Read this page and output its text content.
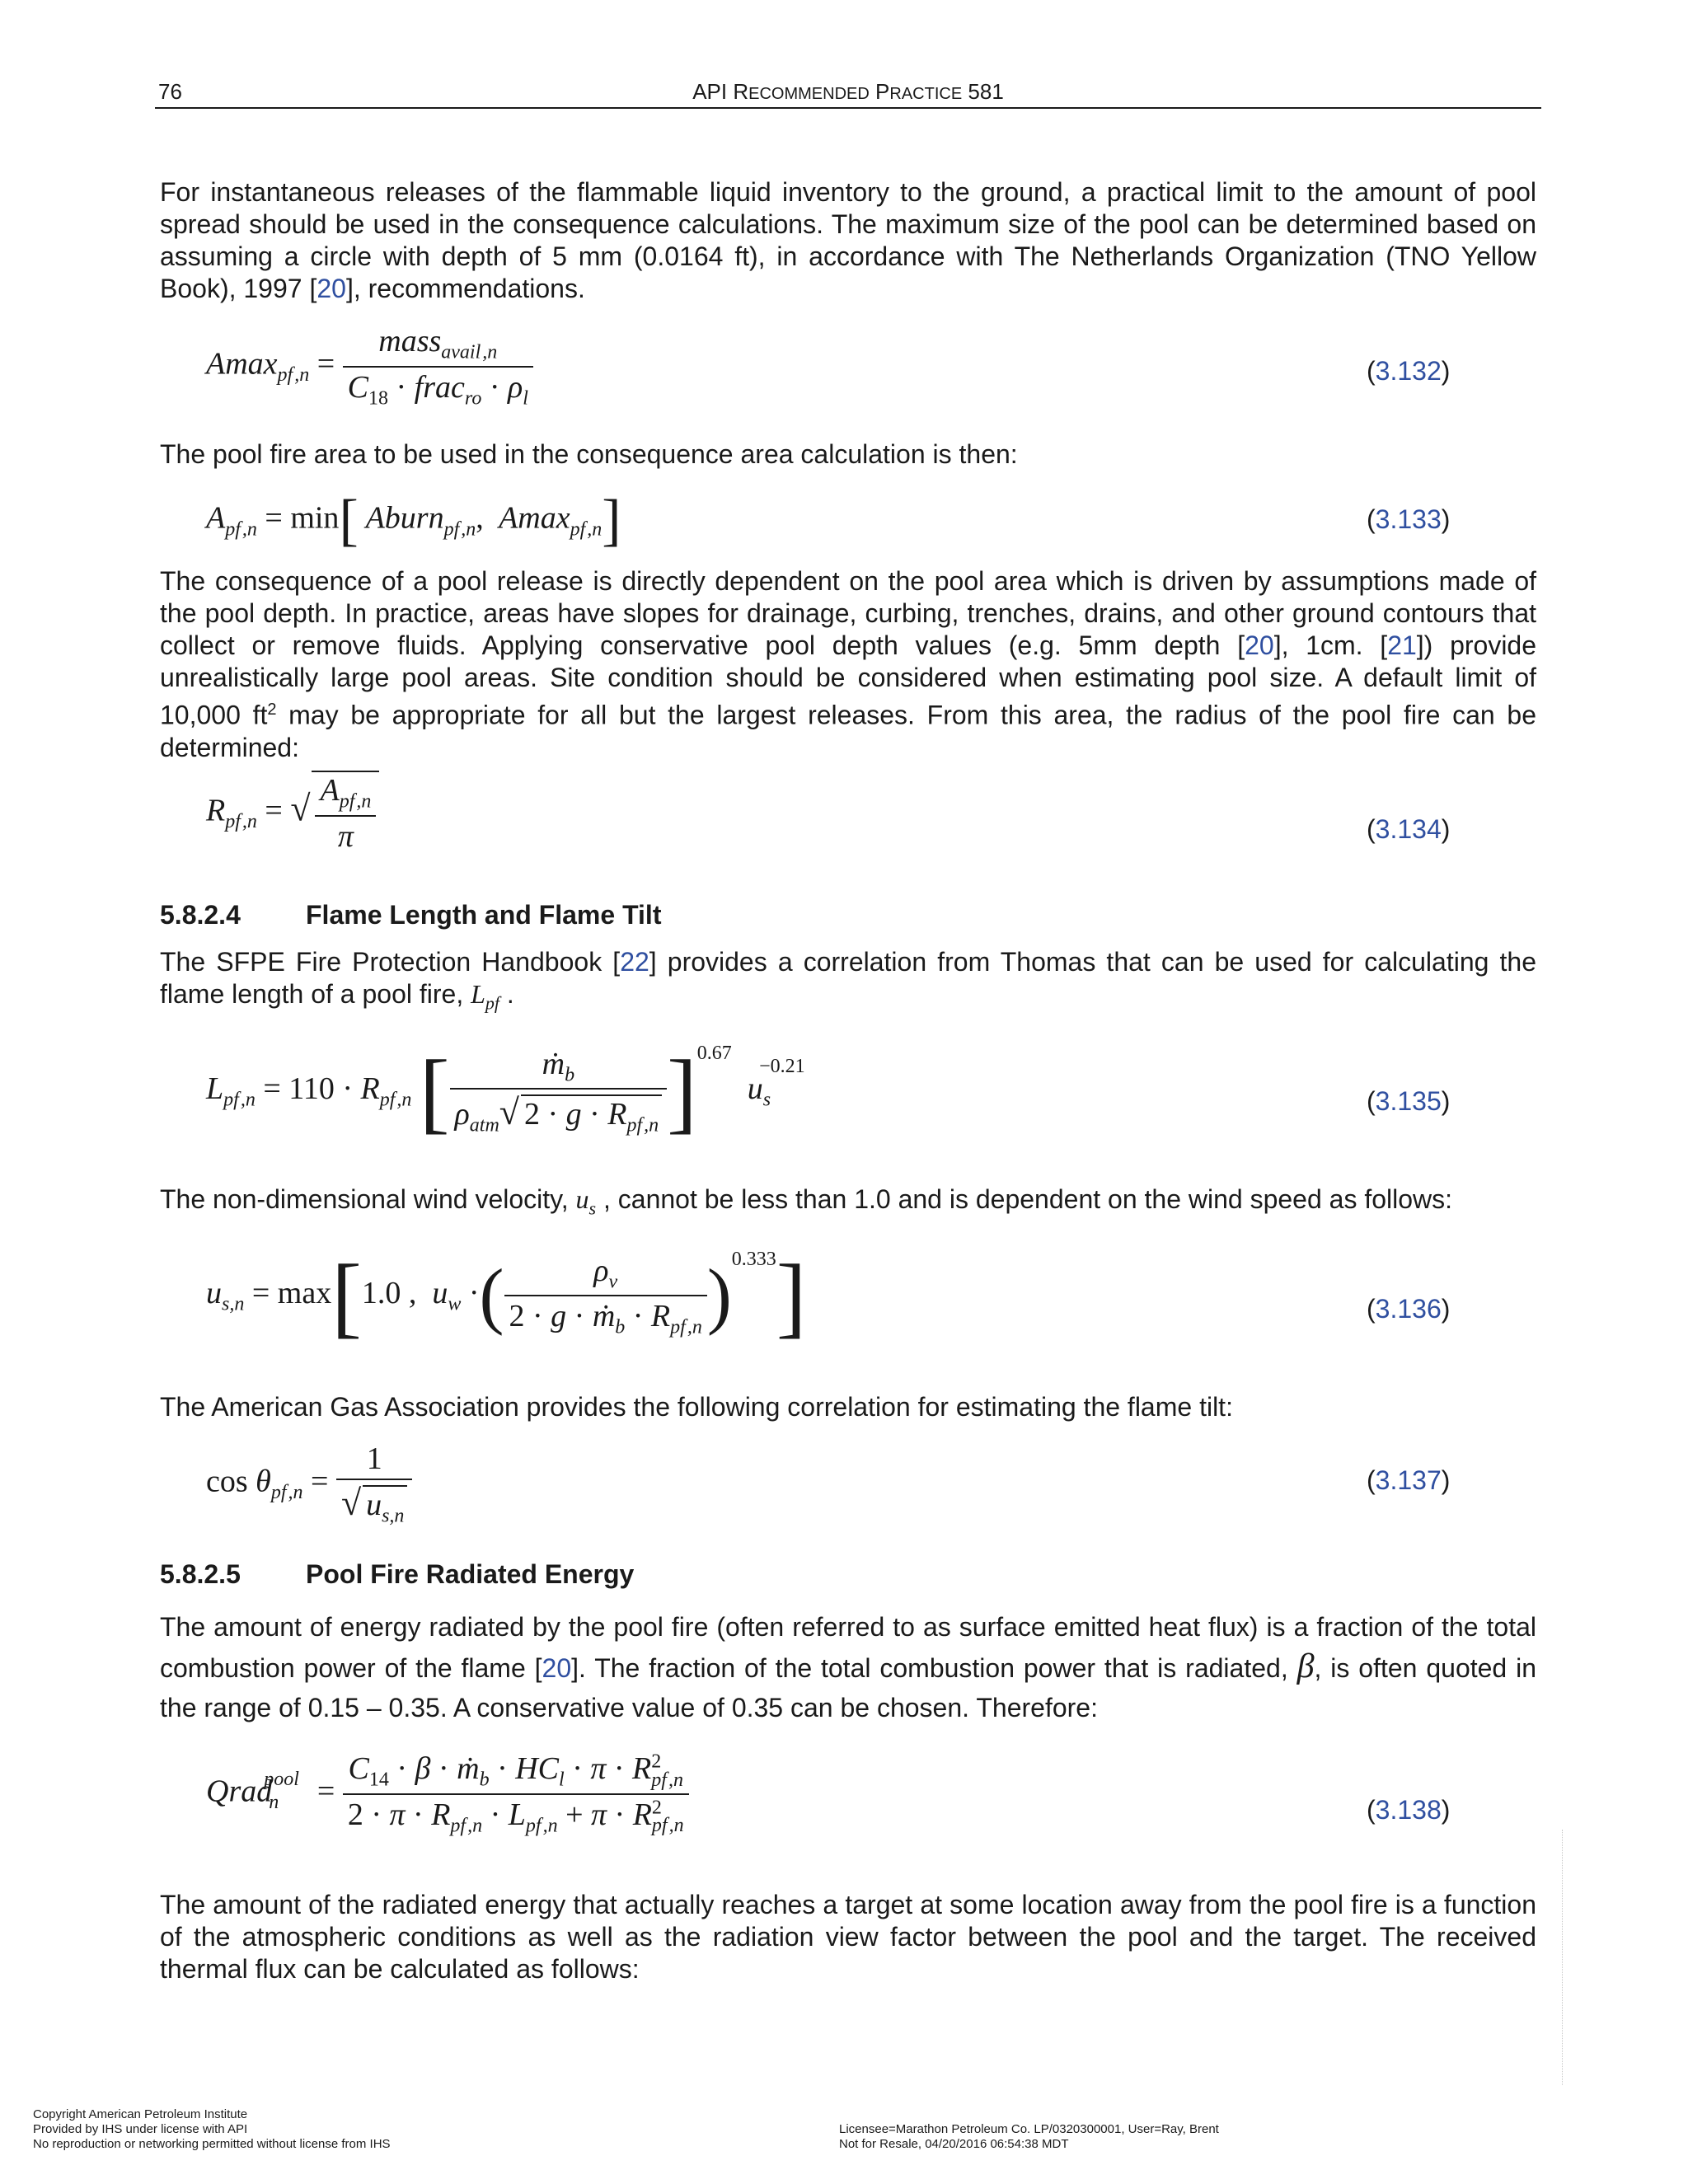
76	API RECOMMENDED PRACTICE 581

For instantaneous releases of the flammable liquid inventory to the ground, a practical limit to the amount of pool spread should be used in the consequence calculations. The maximum size of the pool can be determined based on assuming a circle with depth of 5 mm (0.0164 ft), in accordance with The Netherlands Organization (TNO Yellow Book), 1997 [20], recommendations.

$Amax_{pf ,n} = \frac{mass_{avail ,n}}{C_{18} \cdot frac_{ro} \cdot \rho_l}$	(3.132)

The pool fire area to be used in the consequence area calculation is then:

$A_{pf ,n} = \min$[ Aburn$_{pf ,n}$,  Amax$_{pf ,n}$]	(3.133)

The consequence of a pool release is directly dependent on the pool area which is driven by assumptions made of the pool depth. In practice, areas have slopes for drainage, curbing, trenches, drains, and other ground contours that collect or remove fluids. Applying conservative pool depth values (e.g. 5mm depth [20], 1cm. [21]) provide unrealistically large pool areas. Site condition should be considered when estimating pool size. A default limit of 10,000 $ft^2$ may be appropriate for all but the largest releases. From this area, the radius of the pool fire can be determined:

$R_{pf ,n}$ = √ $\frac{A_{pf ,n}}{\pi}$	(3.134)
5.8.2.4 Flame Length and Flame Tilt

The SFPE Fire Protection Handbook [22] provides a correlation from Thomas that can be used for calculating the flame length of a pool fire, $L_{pf}$ .

$L_{pf ,n} = 110 \cdot R_{pf ,n}$ [ $\frac{ṁ_b}{\rho_{atm}√ 2 \cdot g \cdot R_{pf ,n}} ]^{0.67}$  $u_s^{-0.21}$
(3.135)

The non-dimensional wind velocity, $u_s$ , cannot be less than 1.0 and is dependent on the wind speed as follows:

$u_{s,n} = \max[1.0$ ,  $u_w$ ·( $\frac{\rho_v}{2 \cdot g \cdot ṁ_b \cdot R_{pf ,n}} )^{0.333}$]	(3.136)

The American Gas Association provides the following correlation for estimating the flame tilt:

$\cos \theta_{pf ,n} = \frac{1}{√ u_{s,n}}$	(3.137)
5.8.2.5 Pool Fire Radiated Energy

The amount of energy radiated by the pool fire (often referred to as surface emitted heat flux) is a fraction of the total combustion power of the flame [20]. The fraction of the total combustion power that is radiated, β, is often quoted in the range of 0.15 – 0.35. A conservative value of 0.35 can be chosen. Therefore:

Qrad$_n^{pool}$ = $\frac{C_{14} \cdot \beta \cdot ṁ_b \cdot HC_l \cdot \pi \cdot R^2_{pf ,n}}{2 \cdot \pi \cdot R_{pf ,n} \cdot L_{pf ,n} + \pi \cdot R^2_{pf ,n}}$	(3.138)

The amount of the radiated energy that actually reaches a target at some location away from the pool fire is a function of the atmospheric conditions as well as the radiation view factor between the pool and the target. The received thermal flux can be calculated as follows:

Copyright American Petroleum Institute
Provided by IHS under license with API
No reproduction or networking permitted without license from IHS
Licensee=Marathon Petroleum Co. LP/0320300001, User=Ray, Brent
Not for Resale, 04/20/2016 06:54:38 MDT
